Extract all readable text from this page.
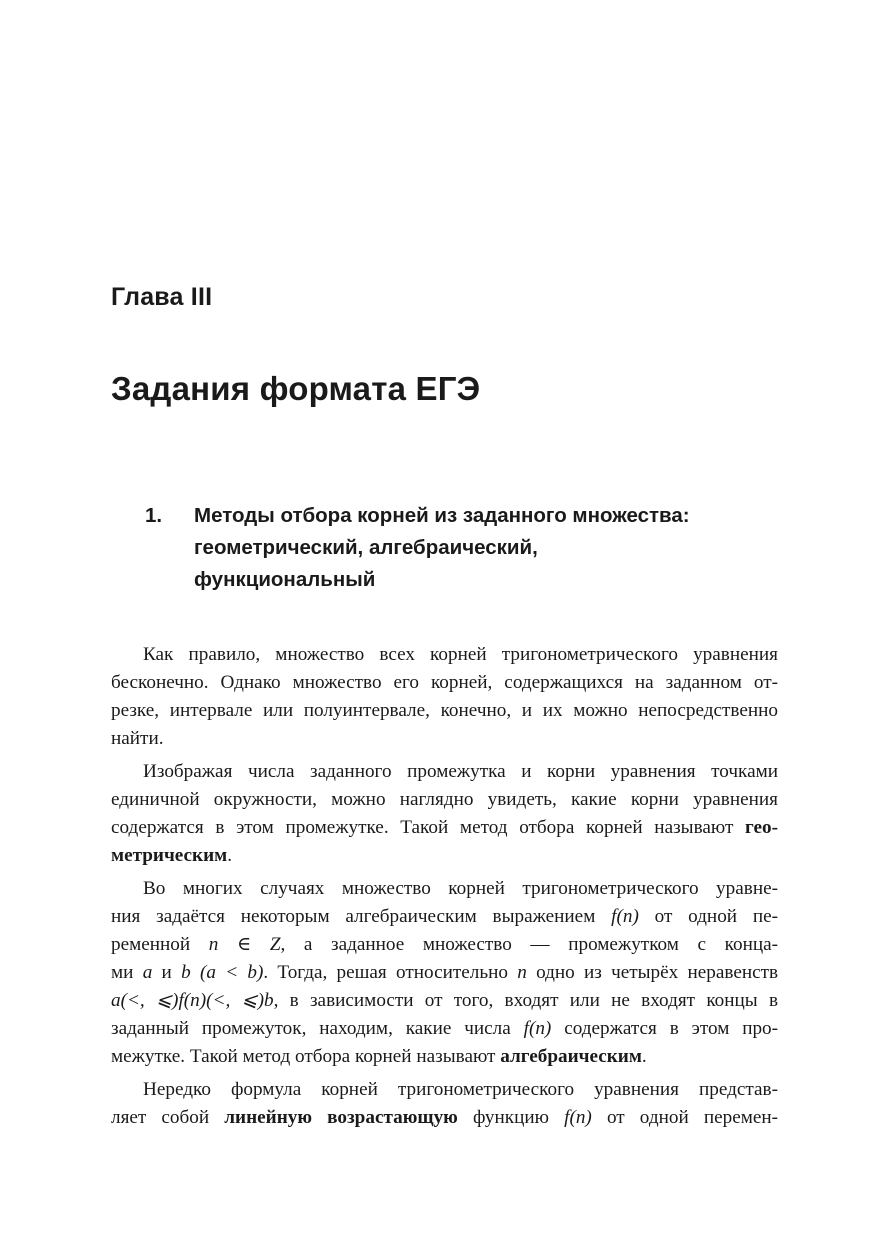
Глава III
Задания формата ЕГЭ
1.	Методы отбора корней из заданного множества:
геометрический, алгебраический,
функциональный

Как правило, множество всех корней тригонометрического уравнения
бесконечно. Однако множество его корней, содержащихся на заданном от-
резке, интервале или полуинтервале, конечно, и их можно непосредственно
найти.

Изображая числа заданного промежутка и корни уравнения точками
единичной окружности, можно наглядно увидеть, какие корни уравнения
содержатся в этом промежутке. Такой метод отбора корней называют гео-
метрическим.

Во многих случаях множество корней тригонометрического уравне-
ния задаётся некоторым алгебраическим выражением f(n) от одной пе-
ременной n ∈ Z, а заданное множество — промежутком с конца-
ми a и b (a < b). Тогда, решая относительно n одно из четырёх неравенств
a(<, ⩽)f(n)(<, ⩽)b, в зависимости от того, входят или не входят концы в
заданный промежуток, находим, какие числа f(n) содержатся в этом про-
межутке. Такой метод отбора корней называют алгебраическим.

Нередко формула корней тригонометрического уравнения представ-
ляет собой линейную возрастающую функцию f(n) от одной перемен-
